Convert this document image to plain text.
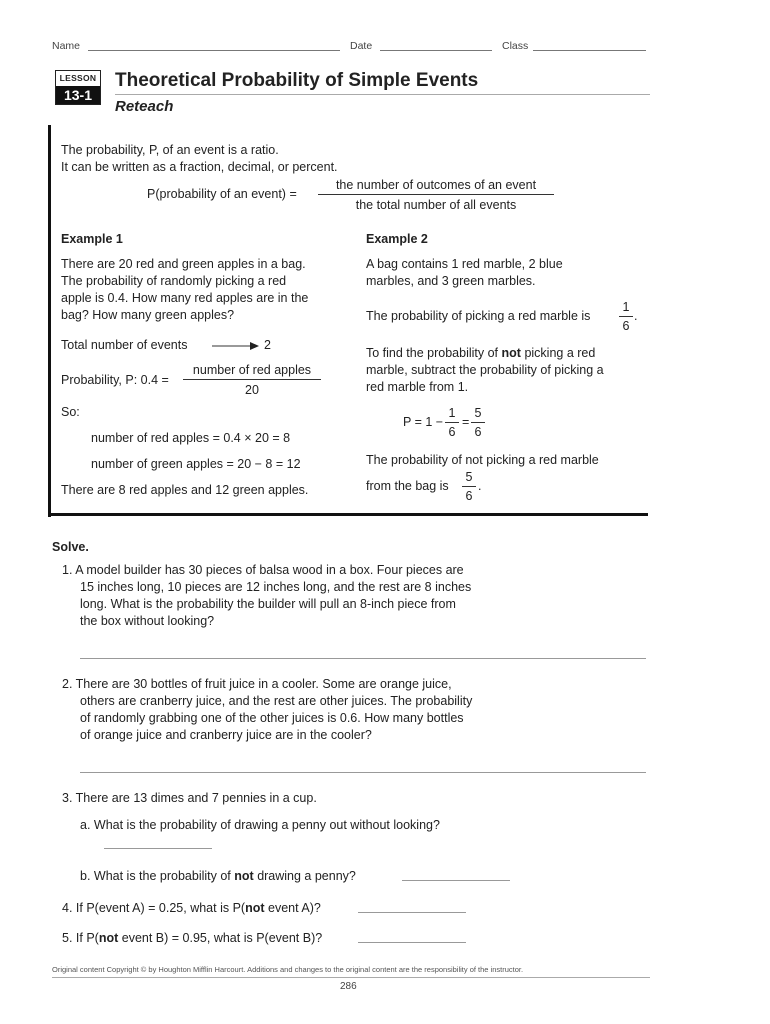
Name	Date	Class
LESSON
13-1
Theoretical Probability of Simple Events
Reteach
The probability, P, of an event is a ratio.
It can be written as a fraction, decimal, or percent.
P(probability of an event) =
the number of outcomes of an event
the total number of all events
Example 1
There are 20 red and green apples in a bag.
The probability of randomly picking a red
apple is 0.4. How many red apples are in the
bag? How many green apples?
Total number of events	2
Probability, P: 0.4 =
number of red apples
20
So:
number of red apples = 0.4 × 20 = 8
number of green apples = 20 − 8 = 12
There are 8 red apples and 12 green apples.
Example 2
A bag contains 1 red marble, 2 blue
marbles, and 3 green marbles.
The probability of picking a red marble is $\frac{1}{6}$ .
To find the probability of not picking a red
marble, subtract the probability of picking a
red marble from 1.
$P = 1 - \frac{1}{6} = \frac{5}{6}$
The probability of not picking a red marble
from the bag is $\frac{5}{6}$ .
Solve.
1. A model builder has 30 pieces of balsa wood in a box. Four pieces are
15 inches long, 10 pieces are 12 inches long, and the rest are 8 inches
long. What is the probability the builder will pull an 8-inch piece from
the box without looking?
2. There are 30 bottles of fruit juice in a cooler. Some are orange juice,
others are cranberry juice, and the rest are other juices. The probability
of randomly grabbing one of the other juices is 0.6. How many bottles
of orange juice and cranberry juice are in the cooler?
3. There are 13 dimes and 7 pennies in a cup.
a. What is the probability of drawing a penny out without looking?
b. What is the probability of not drawing a penny?
4. If P(event A) = 0.25, what is P(not event A)?
5. If P(not event B) = 0.95, what is P(event B)?
Original content Copyright © by Houghton Mifflin Harcourt. Additions and changes to the original content are the responsibility of the instructor.
286
